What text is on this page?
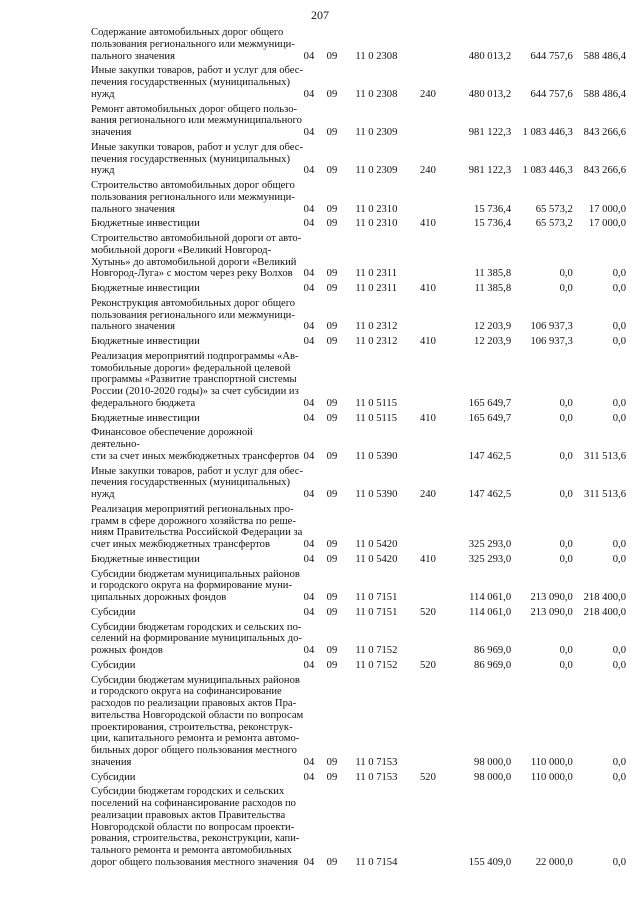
207
Содержание автомобильных дорог общего
пользования регионального или межмуници-
пального значения	04	09	11 0 2308	480 013,2	644 757,6	588 486,4
Иные закупки товаров, работ и услуг для обес-
печения государственных (муниципальных)
нужд	04	09	11 0 2308	240	480 013,2	644 757,6	588 486,4
Ремонт автомобильных дорог общего пользо-
вания регионального или межмуниципального
значения	04	09	11 0 2309	981 122,3	1 083 446,3	843 266,6
Иные закупки товаров, работ и услуг для обес-
печения государственных (муниципальных)
нужд	04	09	11 0 2309	240	981 122,3	1 083 446,3	843 266,6
Строительство автомобильных дорог общего
пользования регионального или межмуници-
пального значения	04	09	11 0 2310	15 736,4	65 573,2	17 000,0
Бюджетные инвестиции	04	09	11 0 2310	410	15 736,4	65 573,2	17 000,0
Строительство автомобильной дороги от авто-
мобильной дороги «Великий Новгород-
Хутынь» до автомобильной дороги «Великий
Новгород-Луга» с мостом через реку Волхов	04	09	11 0 2311	11 385,8	0,0	0,0
Бюджетные инвестиции	04	09	11 0 2311	410	11 385,8	0,0	0,0
Реконструкция автомобильных дорог общего
пользования регионального или межмуници-
пального значения	04	09	11 0 2312	12 203,9	106 937,3	0,0
Бюджетные инвестиции	04	09	11 0 2312	410	12 203,9	106 937,3	0,0
Реализация мероприятий подпрограммы «Ав-
томобильные дороги» федеральной целевой
программы «Развитие транспортной системы
России (2010-2020 годы)» за счет субсидии из
федерального бюджета	04	09	11 0 5115	165 649,7	0,0	0,0
Бюджетные инвестиции	04	09	11 0 5115	410	165 649,7	0,0	0,0
Финансовое обеспечение дорожной деятельно-
сти за счет иных межбюджетных трансфертов 04	09	11 0 5390	147 462,5	0,0	311 513,6
Иные закупки товаров, работ и услуг для обес-
печения государственных (муниципальных)
нужд	04	09	11 0 5390	240	147 462,5	0,0	311 513,6
Реализация мероприятий региональных про-
грамм в сфере дорожного хозяйства по реше-
ниям Правительства Российской Федерации за
счет иных межбюджетных трансфертов	04	09	11 0 5420	325 293,0	0,0	0,0
Бюджетные инвестиции	04	09	11 0 5420	410	325 293,0	0,0	0,0
Субсидии бюджетам муниципальных районов
и городского округа на формирование муни-
ципальных дорожных фондов	04	09	11 0 7151	114 061,0	213 090,0	218 400,0
Субсидии	04	09	11 0 7151	520	114 061,0	213 090,0	218 400,0
Субсидии бюджетам городских и сельских по-
селений на формирование муниципальных до-
рожных фондов	04	09	11 0 7152	86 969,0	0,0	0,0
Субсидии	04	09	11 0 7152	520	86 969,0	0,0	0,0
Субсидии бюджетам муниципальных районов
и городского округа на софинансирование
расходов по реализации правовых актов Пра-
вительства Новгородской области по вопросам
проектирования, строительства, реконструк-
ции, капитального ремонта и ремонта автомо-
бильных дорог общего пользования местного
значения	04	09	11 0 7153	98 000,0	110 000,0	0,0
Субсидии	04	09	11 0 7153	520	98 000,0	110 000,0	0,0
Субсидии бюджетам городских и сельских
поселений на софинансирование расходов по
реализации правовых актов Правительства
Новгородской области по вопросам проекти-
рования, строительства, реконструкции, капи-
тального ремонта и ремонта автомобильных
дорог общего пользования местного значения 04	09	11 0 7154	155 409,0	22 000,0	0,0
